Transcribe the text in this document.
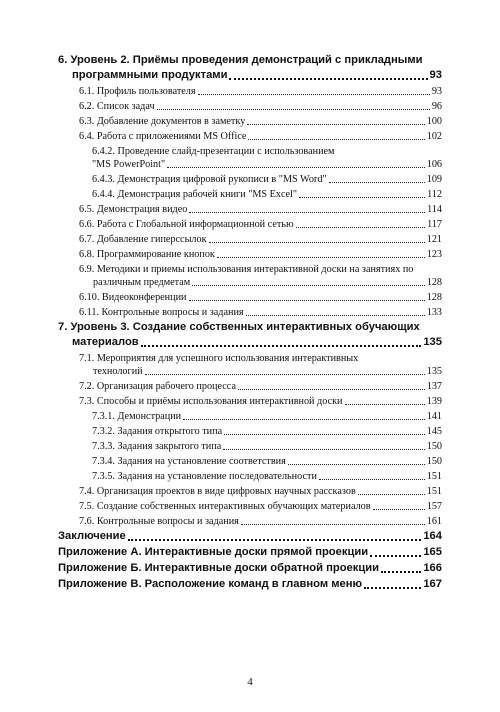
6. Уровень 2. Приёмы проведения демонстраций с прикладными
программными продуктами	93
6.1. Профиль пользователя	93
6.2. Список задач	96
6.3. Добавление документов в заметку	100
6.4. Работа с приложениями MS Office	102
6.4.2. Проведение слайд-презентации с использованием
"MS PowerPoint"	106
6.4.3. Демонстрация цифровой рукописи в "MS Word"	109
6.4.4. Демонстрация рабочей книги "MS Excel"	112
6.5. Демонстрация видео	114
6.6. Работа с Глобальной информационной сетью	117
6.7. Добавление гиперссылок	121
6.8. Программирование кнопок	123
6.9. Методики и приемы использования интерактивной доски на занятиях по
различным предметам	128
6.10. Видеоконференции	128
6.11. Контрольные вопросы и задания	133
7. Уровень 3. Создание собственных интерактивных обучающих
материалов	135
7.1. Мероприятия для успешного использования интерактивных
технологий	135
7.2. Организация рабочего процесса	137
7.3. Способы и приёмы использования интерактивной доски	139
7.3.1. Демонстрации	141
7.3.2. Задания открытого типа	145
7.3.3. Задания закрытого типа	150
7.3.4. Задания на установление соответствия	150
7.3.5. Задания на установление последовательности	151
7.4. Организация проектов в виде цифровых научных рассказов	151
7.5. Создание собственных интерактивных обучающих материалов	157
7.6. Контрольные вопросы и задания	161
Заключение	164
Приложение А. Интерактивные доски прямой проекции	165
Приложение Б. Интерактивные доски обратной проекции	166
Приложение В. Расположение команд в главном меню	167
4
